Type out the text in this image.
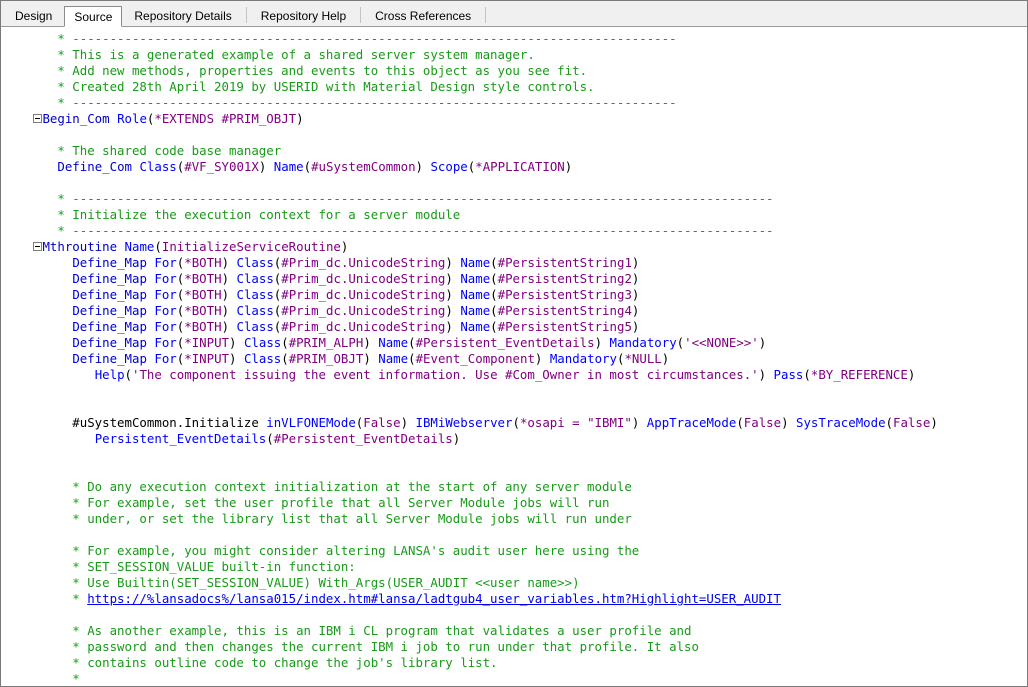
Design	Source	Repository Details	Repository Help	Cross References
* ---------------------------------------------------------------------------------
* This is a generated example of a shared server system manager.
* Add new methods, properties and events to this object as you see fit.
* Created 28th April 2019 by USERID with Material Design style controls.
* ---------------------------------------------------------------------------------
Begin_Com Role(*EXTENDS #PRIM_OBJT)
* The shared code base manager
Define_Com Class(#VF_SY001X) Name(#uSystemCommon) Scope(*APPLICATION)
* ----------------------------------------------------------------------------------------------
* Initialize the execution context for a server module
* ----------------------------------------------------------------------------------------------
Mthroutine Name(InitializeServiceRoutine)
Define_Map For(*BOTH) Class(#Prim_dc.UnicodeString) Name(#PersistentString1)
Define_Map For(*BOTH) Class(#Prim_dc.UnicodeString) Name(#PersistentString2)
Define_Map For(*BOTH) Class(#Prim_dc.UnicodeString) Name(#PersistentString3)
Define_Map For(*BOTH) Class(#Prim_dc.UnicodeString) Name(#PersistentString4)
Define_Map For(*BOTH) Class(#Prim_dc.UnicodeString) Name(#PersistentString5)
Define_Map For(*INPUT) Class(#PRIM_ALPH) Name(#Persistent_EventDetails) Mandatory('<<NONE>>')
Define_Map For(*INPUT) Class(#PRIM_OBJT) Name(#Event_Component) Mandatory(*NULL)
Help('The component issuing the event information. Use #Com_Owner in most circumstances.') Pass(*BY_REFERENCE)
#uSystemCommon.Initialize inVLFONEMode(False) IBMiWebserver(*osapi = "IBMI") AppTraceMode(False) SysTraceMode(False)
Persistent_EventDetails(#Persistent_EventDetails)
* Do any execution context initialization at the start of any server module
* For example, set the user profile that all Server Module jobs will run
* under, or set the library list that all Server Module jobs will run under
* For example, you might consider altering LANSA's audit user here using the
* SET_SESSION_VALUE built-in function:
* Use Builtin(SET_SESSION_VALUE) With_Args(USER_AUDIT <<user name>>)
* https://%lansadocs%/lansa015/index.htm#lansa/ladtgub4_user_variables.htm?Highlight=USER_AUDIT
* As another example, this is an IBM i CL program that validates a user profile and
* password and then changes the current IBM i job to run under that profile. It also
* contains outline code to change the job's library list.
*
